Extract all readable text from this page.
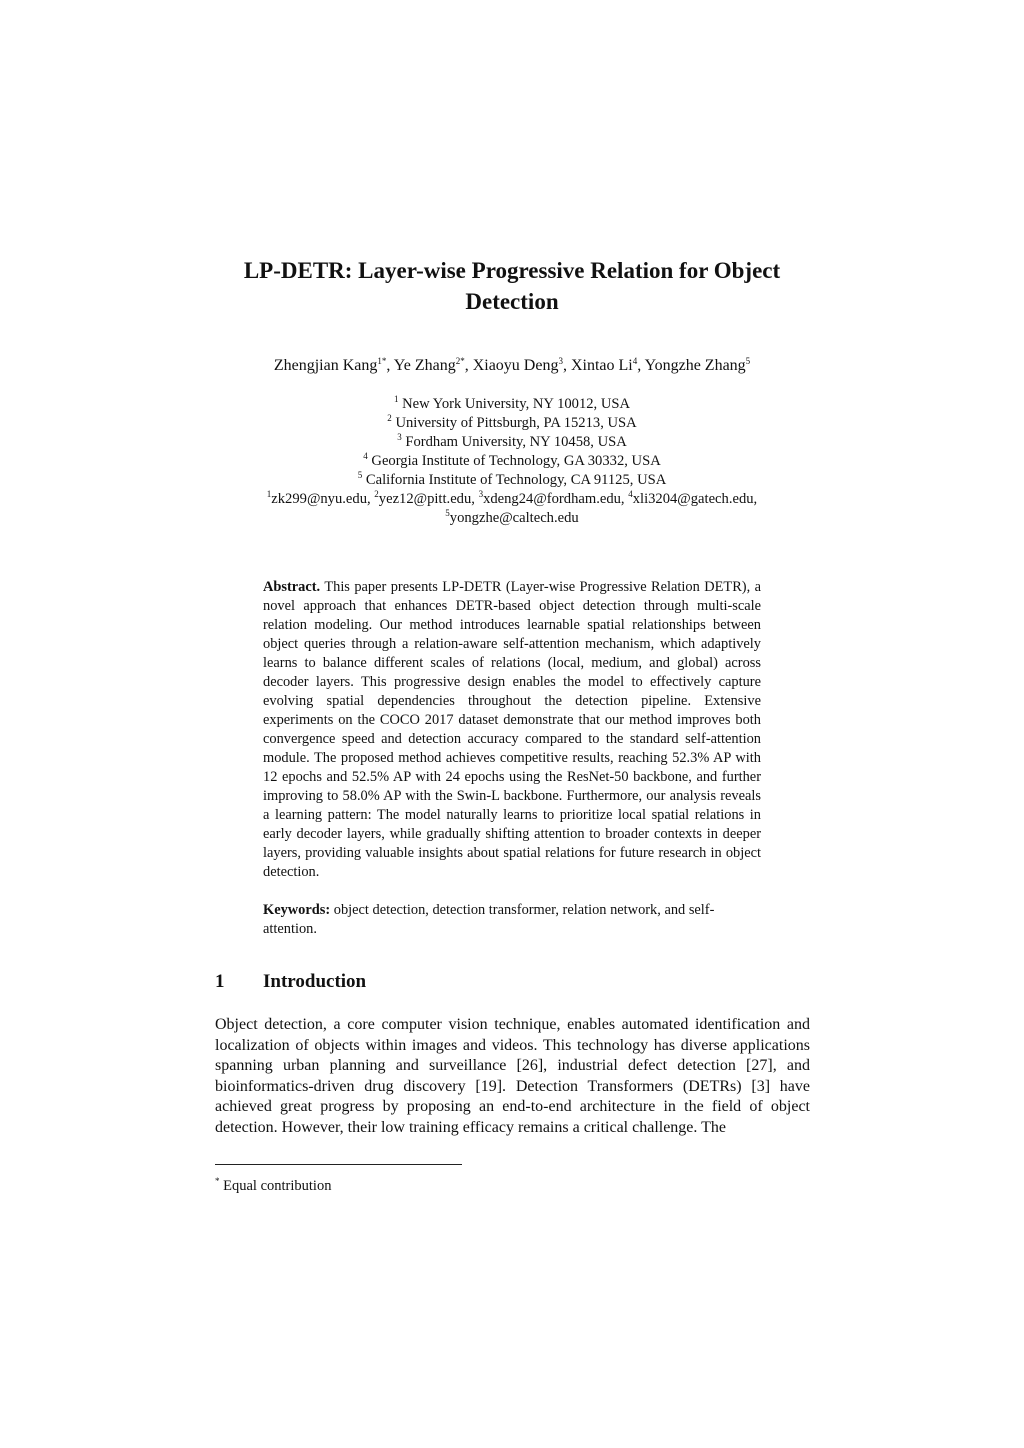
LP-DETR: Layer-wise Progressive Relation for Object Detection
Zhengjian Kang$^{1*}$, Ye Zhang$^{2*}$, Xiaoyu Deng$^3$, Xintao Li$^4$, Yongzhe Zhang$^5$
$^1$ New York University, NY 10012, USA
$^2$ University of Pittsburgh, PA 15213, USA
$^3$ Fordham University, NY 10458, USA
$^4$ Georgia Institute of Technology, GA 30332, USA
$^5$ California Institute of Technology, CA 91125, USA
$^1$zk299@nyu.edu, $^2$yez12@pitt.edu, $^3$xdeng24@fordham.edu, $^4$xli3204@gatech.edu,
$^5$yongzhe@caltech.edu

Abstract. This paper presents LP-DETR (Layer-wise Progressive Relation DETR), a novel approach that enhances DETR-based object detection through multi-scale relation modeling. Our method introduces learnable spatial relationships between object queries through a relation-aware self-attention mechanism, which adaptively learns to balance different scales of relations (local, medium, and global) across decoder layers. This progressive design enables the model to effectively capture evolving spatial dependencies throughout the detection pipeline. Extensive experiments on the COCO 2017 dataset demonstrate that our method improves both convergence speed and detection accuracy compared to the standard self-attention module. The proposed method achieves competitive results, reaching 52.3% AP with 12 epochs and 52.5% AP with 24 epochs using the ResNet-50 backbone, and further improving to 58.0% AP with the Swin-L backbone. Furthermore, our analysis reveals a learning pattern: The model naturally learns to prioritize local spatial relations in early decoder layers, while gradually shifting attention to broader contexts in deeper layers, providing valuable insights about spatial relations for future research in object detection.

Keywords: object detection, detection transformer, relation network, and self-attention.

1 Introduction

Object detection, a core computer vision technique, enables automated identification and localization of objects within images and videos. This technology has diverse applications spanning urban planning and surveillance [26], industrial defect detection [27], and bioinformatics-driven drug discovery [19]. Detection Transformers (DETRs) [3] have achieved great progress by proposing an end-to-end architecture in the field of object detection. However, their low training efficacy remains a critical challenge. The

* Equal contribution
